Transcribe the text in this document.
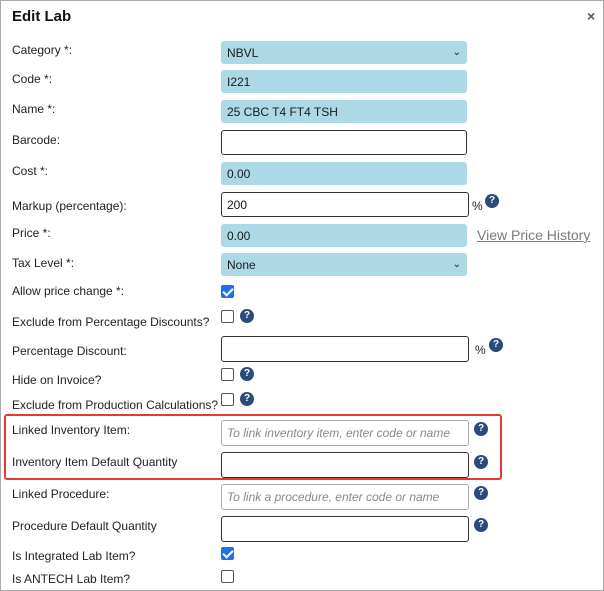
Edit Lab	×
Category *:	NBVL	⌄
Code *:
I221
Name *:
25 CBC T4 FT4 TSH
Barcode:
Cost *:
0.00
Markup (percentage):
200	% ?
Price *:
0.00	View Price History
Tax Level *:	None	⌄
Allow price change *:
Exclude from Percentage Discounts?	?
Percentage Discount:	% ?
Hide on Invoice?	?
Exclude from Production Calculations?	?
Linked Inventory Item:
To link inventory item, enter code or name	?
Inventory Item Default Quantity	?
Linked Procedure:
To link a procedure, enter code or name	?
Procedure Default Quantity	?
Is Integrated Lab Item?
Is ANTECH Lab Item?
